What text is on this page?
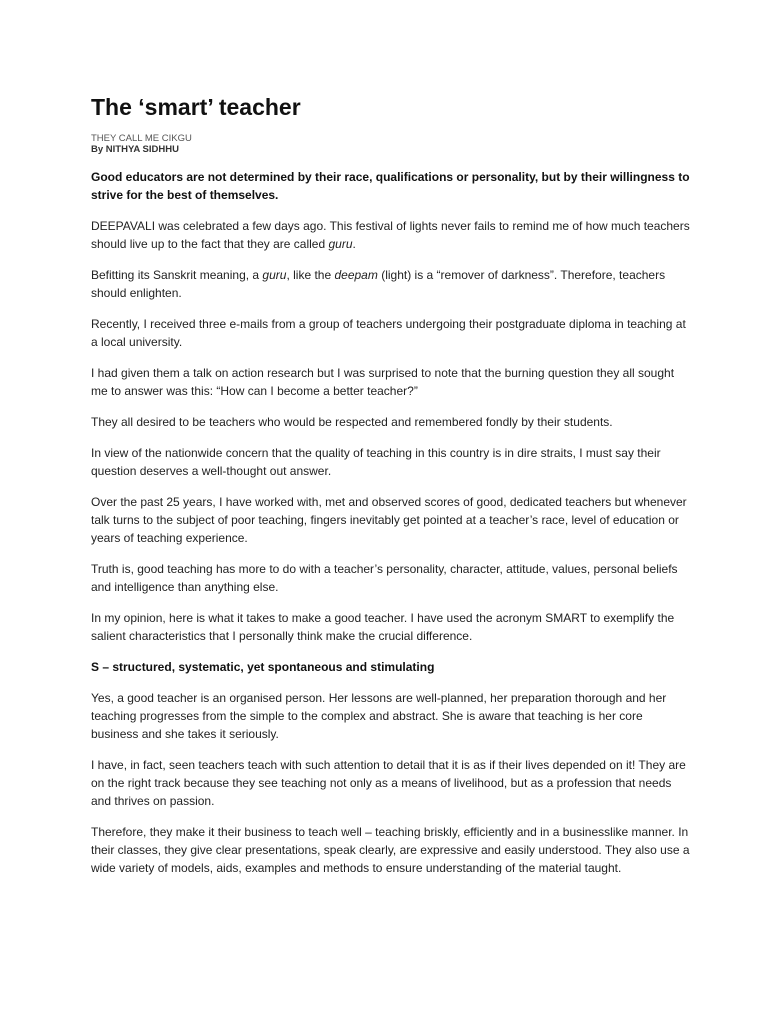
The ‘smart’ teacher
THEY CALL ME CIKGU
By NITHYA SIDHHU

Good educators are not determined by their race, qualifications or personality, but by their willingness to strive for the best of themselves.

DEEPAVALI was celebrated a few days ago. This festival of lights never fails to remind me of how much teachers should live up to the fact that they are called guru.

Befitting its Sanskrit meaning, a guru, like the deepam (light) is a “remover of darkness”. Therefore, teachers should enlighten.

Recently, I received three e-mails from a group of teachers undergoing their postgraduate diploma in teaching at a local university.

I had given them a talk on action research but I was surprised to note that the burning question they all sought me to answer was this: “How can I become a better teacher?”

They all desired to be teachers who would be respected and remembered fondly by their students.

In view of the nationwide concern that the quality of teaching in this country is in dire straits, I must say their question deserves a well-thought out answer.

Over the past 25 years, I have worked with, met and observed scores of good, dedicated teachers but whenever talk turns to the subject of poor teaching, fingers inevitably get pointed at a teacher’s race, level of education or years of teaching experience.

Truth is, good teaching has more to do with a teacher’s personality, character, attitude, values, personal beliefs and intelligence than anything else.

In my opinion, here is what it takes to make a good teacher. I have used the acronym SMART to exemplify the salient characteristics that I personally think make the crucial difference.

S – structured, systematic, yet spontaneous and stimulating

Yes, a good teacher is an organised person. Her lessons are well-planned, her preparation thorough and her teaching progresses from the simple to the complex and abstract. She is aware that teaching is her core business and she takes it seriously.

I have, in fact, seen teachers teach with such attention to detail that it is as if their lives depended on it! They are on the right track because they see teaching not only as a means of livelihood, but as a profession that needs and thrives on passion.

Therefore, they make it their business to teach well – teaching briskly, efficiently and in a businesslike manner. In their classes, they give clear presentations, speak clearly, are expressive and easily understood. They also use a wide variety of models, aids, examples and methods to ensure understanding of the material taught.
